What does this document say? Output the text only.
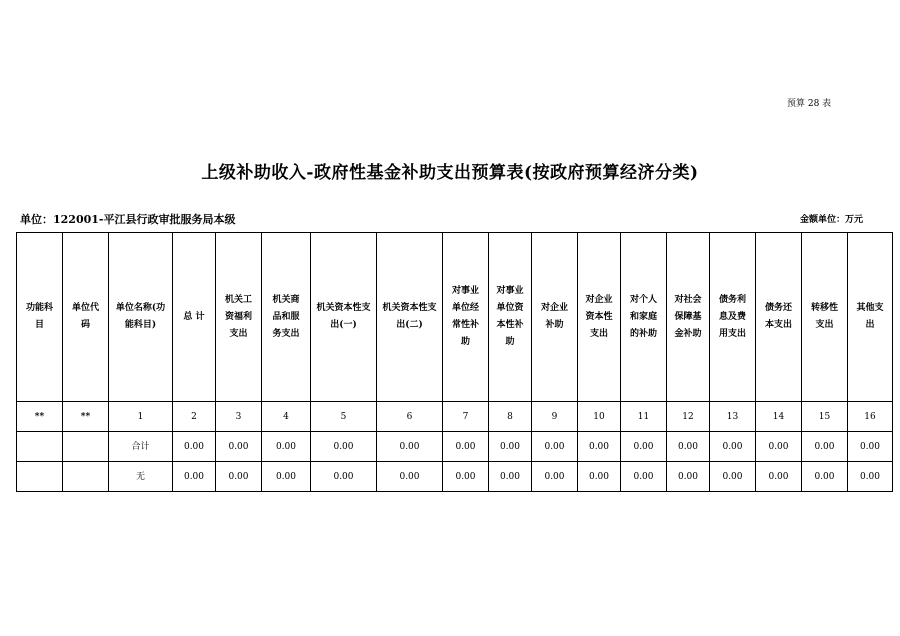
预算 28 表
上级补助收入-政府性基金补助支出预算表(按政府预算经济分类)
单位：122001-平江县行政审批服务局本级	金额单位：万元
功能科目	单位代码	单位名称(功能科目)	总 计	机关工资福利支出	机关商品和服务支出	机关资本性支出(一)	机关资本性支出(二)	对事业单位经常性补助	对事业单位资本性补助	对企业补助	对企业资本性支出	对个人和家庭的补助	对社会保障基金补助	债务利息及费用支出	债务还本支出	转移性支出	其他支出
**	**	1	2	3	4	5	6	7	8	9	10	11	12	13	14	15	16
		合计	0.00	0.00	0.00	0.00	0.00	0.00	0.00	0.00	0.00	0.00	0.00	0.00	0.00	0.00	0.00
		无	0.00	0.00	0.00	0.00	0.00	0.00	0.00	0.00	0.00	0.00	0.00	0.00	0.00	0.00	0.00
